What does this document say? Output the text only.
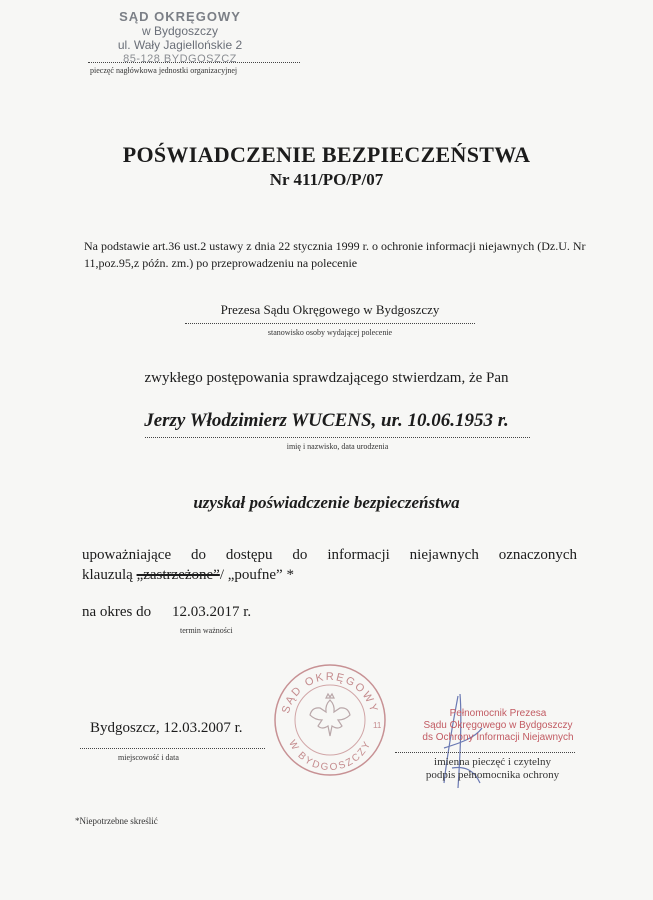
SĄD OKRĘGOWY
w Bydgoszczy
ul. Wały Jagiellońskie 2
85-128 BYDGOSZCZ
pieczęć nagłówkowa jednostki organizacyjnej
POŚWIADCZENIE BEZPIECZEŃSTWA
Nr 411/PO/P/07
Na podstawie art.36 ust.2 ustawy z dnia 22 stycznia 1999 r. o ochronie informacji niejawnych (Dz.U. Nr 11,poz.95,z późn. zm.) po przeprowadzeniu na polecenie
Prezesa Sądu Okręgowego w Bydgoszczy
stanowisko osoby wydającej polecenie
zwykłego postępowania sprawdzającego stwierdzam, że Pan
Jerzy Włodzimierz WUCENS, ur. 10.06.1953 r.
imię i nazwisko, data urodzenia
uzyskał poświadczenie bezpieczeństwa
upoważniające do dostępu do informacji niejawnych oznaczonych
klauzulą „zastrzeżone”/ „poufne” *
na okres do 12.03.2017 r.
termin ważności
Bydgoszcz, 12.03.2007 r.
miejscowość i data
SĄD OKRĘGOWY
W BYDGOSZCZY
11
Pełnomocnik Prezesa
Sądu Okręgowego w Bydgoszczy
ds Ochrony Informacji Niejawnych
imienna pieczęć i czytelny podpis pełnomocnika ochrony
*Niepotrzebne skreślić
